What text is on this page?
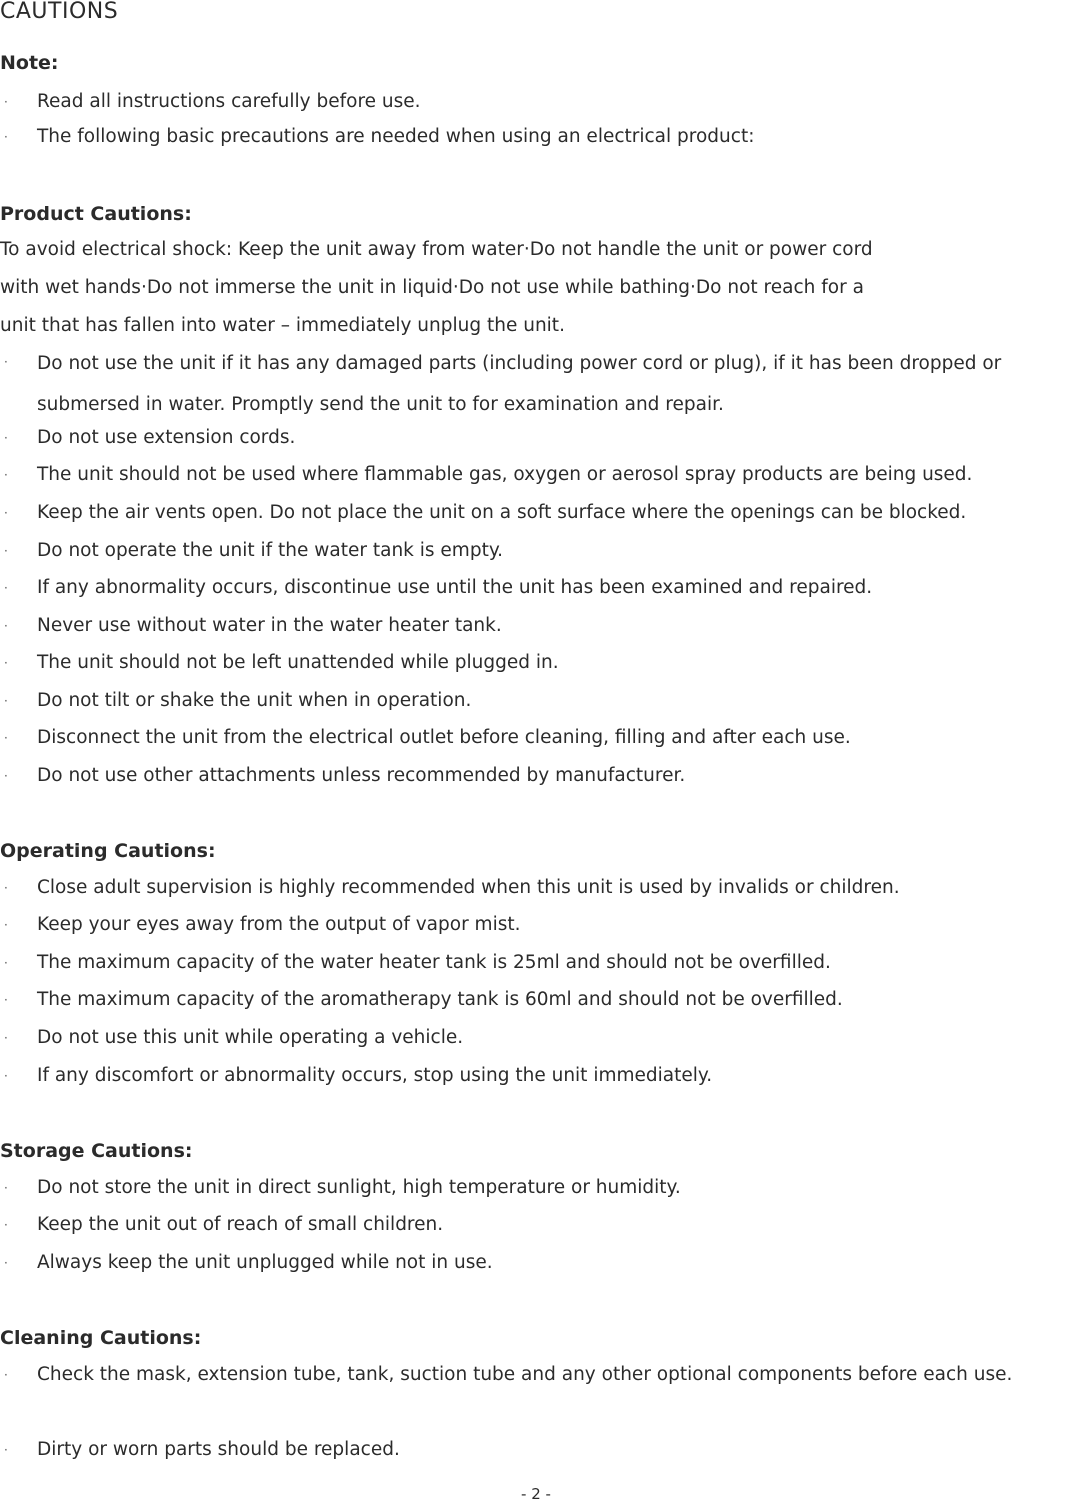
CAUTIONS
Note:
· Read all instructions carefully before use.
· The following basic precautions are needed when using an electrical product:
Product Cautions:
To avoid electrical shock: Keep the unit away from water·Do not handle the unit or power cord
with wet hands·Do not immerse the unit in liquid·Do not use while bathing·Do not reach for a
unit that has fallen into water – immediately unplug the unit.
· Do not use the unit if it has any damaged parts (including power cord or plug), if it has been dropped or submersed in water. Promptly send the unit to for examination and repair.
· Do not use extension cords.
· The unit should not be used where flammable gas, oxygen or aerosol spray products are being used.
· Keep the air vents open. Do not place the unit on a soft surface where the openings can be blocked.
· Do not operate the unit if the water tank is empty.
· If any abnormality occurs, discontinue use until the unit has been examined and repaired.
· Never use without water in the water heater tank.
· The unit should not be left unattended while plugged in.
· Do not tilt or shake the unit when in operation.
· Disconnect the unit from the electrical outlet before cleaning, filling and after each use.
· Do not use other attachments unless recommended by manufacturer.
Operating Cautions:
· Close adult supervision is highly recommended when this unit is used by invalids or children.
· Keep your eyes away from the output of vapor mist.
· The maximum capacity of the water heater tank is 25ml and should not be overfilled.
· The maximum capacity of the aromatherapy tank is 60ml and should not be overfilled.
· Do not use this unit while operating a vehicle.
· If any discomfort or abnormality occurs, stop using the unit immediately.
Storage Cautions:
· Do not store the unit in direct sunlight, high temperature or humidity.
· Keep the unit out of reach of small children.
· Always keep the unit unplugged while not in use.
Cleaning Cautions:
· Check the mask, extension tube, tank, suction tube and any other optional components before each use.
· Dirty or worn parts should be replaced.
- 2 -
